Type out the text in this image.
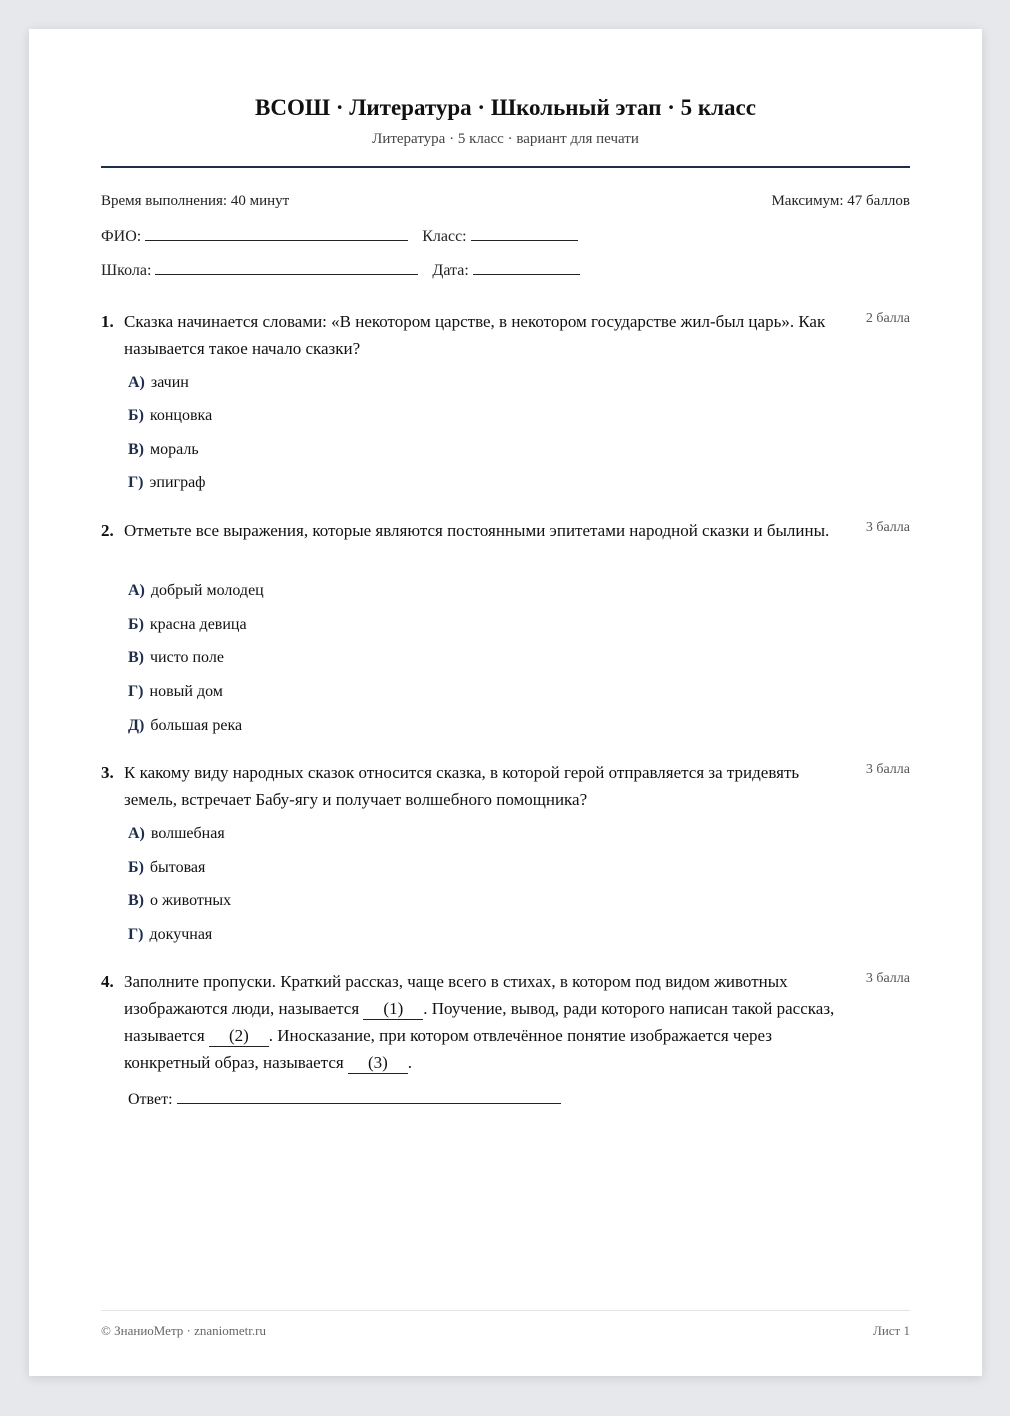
ВСОШ · Литература · Школьный этап · 5 класс
Литература · 5 класс · вариант для печати
Время выполнения: 40 минут	Максимум: 47 баллов
ФИО:	Класс:
Школа:	Дата:
1. Сказка начинается словами: «В некотором царстве, в некотором государстве жил-был царь». Как называется такое начало сказки?
2 балла
А) зачин
Б) концовка
В) мораль
Г) эпиграф
2. Отметьте все выражения, которые являются постоянными эпитетами народной сказки и былины.	3 балла
А) добрый молодец
Б) красна девица
В) чисто поле
Г) новый дом
Д) большая река
3. К какому виду народных сказок относится сказка, в которой герой отправляется за тридевять земель, встречает Бабу-ягу и получает волшебного помощника?
3 балла
А) волшебная
Б) бытовая
В) о животных
Г) докучная
4. Заполните пропуски. Краткий рассказ, чаще всего в стихах, в котором под видом животных изображаются люди, называется (1) . Поучение, вывод, ради которого написан такой рассказ, называется (2) . Иносказание, при котором отвлечённое понятие изображается через конкретный образ, называется (3) .
3 балла
Ответ:
© ЗнаниоМетр · znaniometr.ru	Лист 1
